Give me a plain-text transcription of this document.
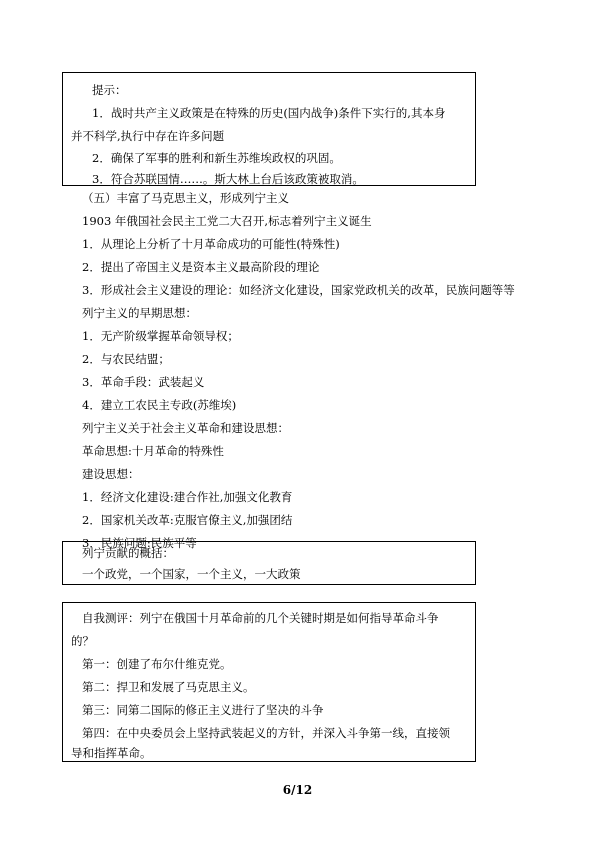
提示：
1．战时共产主义政策是在特殊的历史(国内战争)条件下实行的,其本身
并不科学,执行中存在许多问题
2．确保了军事的胜利和新生苏维埃政权的巩固。
3．符合苏联国情……。斯大林上台后该政策被取消。
（五）丰富了马克思主义，形成列宁主义
1903 年俄国社会民主工党二大召开,标志着列宁主义诞生
1．从理论上分析了十月革命成功的可能性(特殊性)
2．提出了帝国主义是资本主义最高阶段的理论
3．形成社会主义建设的理论：如经济文化建设，国家党政机关的改革，民族问题等等
列宁主义的早期思想：
1．无产阶级掌握革命领导权；
2．与农民结盟；
3．革命手段：武装起义
4．建立工农民主专政(苏维埃)
列宁主义关于社会主义革命和建设思想：
革命思想:十月革命的特殊性
建设思想：
1．经济文化建设:建合作社,加强文化教育
2．国家机关改革:克服官僚主义,加强团结
3．民族问题:民族平等
列宁贡献的概括：
一个政党，一个国家，一个主义，一大政策
自我测评：列宁在俄国十月革命前的几个关键时期是如何指导革命斗争
的？
第一：创建了布尔什维克党。
第二：捍卫和发展了马克思主义。
第三：同第二国际的修正主义进行了坚决的斗争
第四：在中央委员会上坚持武装起义的方针，并深入斗争第一线，直接领
导和指挥革命。
6/12
